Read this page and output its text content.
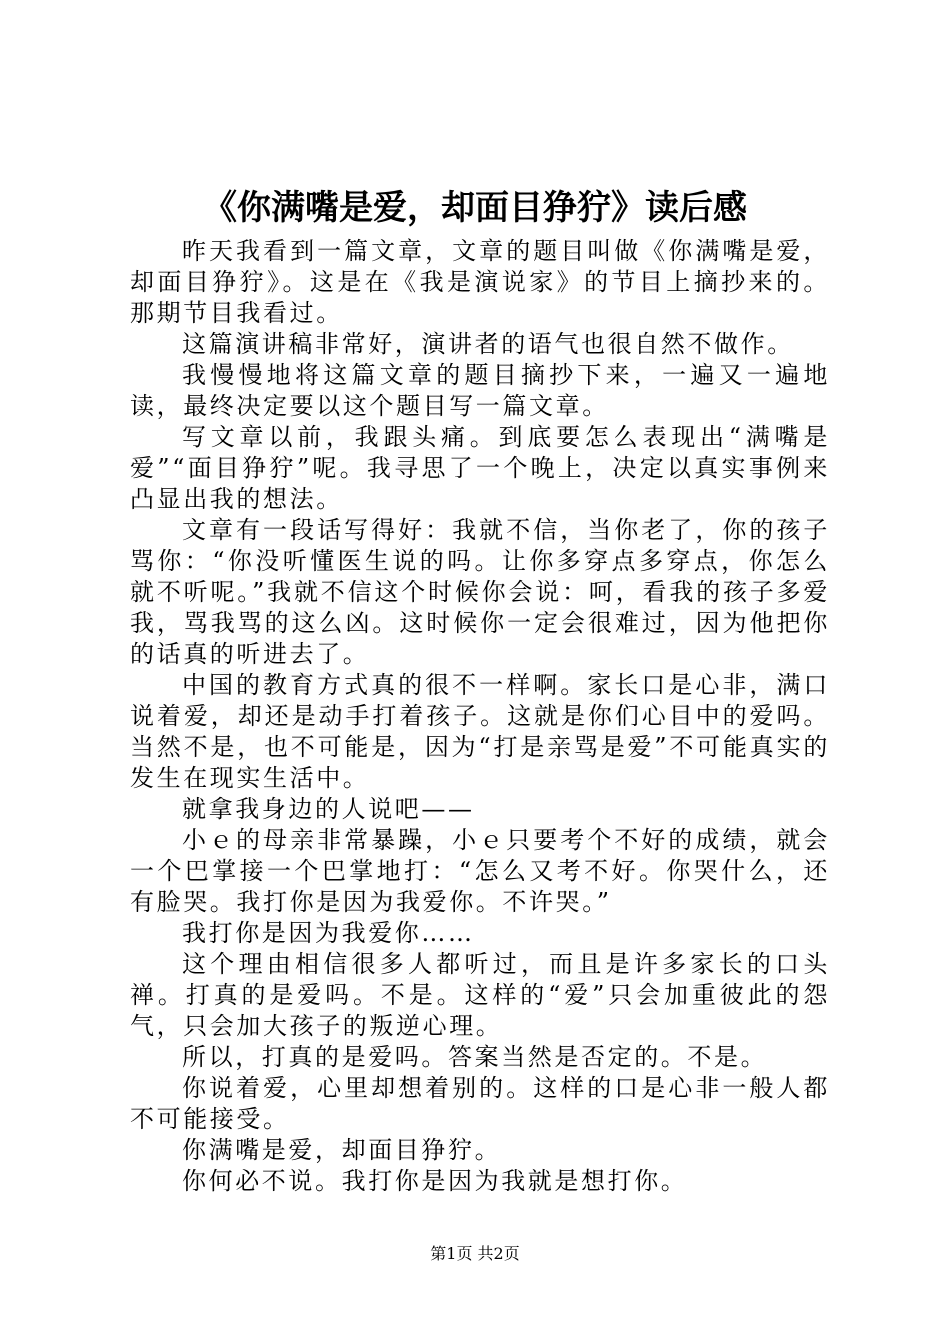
《你满嘴是爱，却面目狰狞》读后感

昨天我看到一篇文章，文章的题目叫做《你满嘴是爱，却面目狰狞》。这是在《我是演说家》的节目上摘抄来的。那期节目我看过。

这篇演讲稿非常好，演讲者的语气也很自然不做作。

我慢慢地将这篇文章的题目摘抄下来，一遍又一遍地读，最终决定要以这个题目写一篇文章。

写文章以前，我跟头痛。到底要怎么表现出“满嘴是爱”“面目狰狞”呢。我寻思了一个晚上，决定以真实事例来凸显出我的想法。

文章有一段话写得好：我就不信，当你老了，你的孩子骂你：“你没听懂医生说的吗。让你多穿点多穿点，你怎么就不听呢。”我就不信这个时候你会说：呵，看我的孩子多爱我，骂我骂的这么凶。这时候你一定会很难过，因为他把你的话真的听进去了。

中国的教育方式真的很不一样啊。家长口是心非，满口说着爱，却还是动手打着孩子。这就是你们心目中的爱吗。当然不是，也不可能是，因为“打是亲骂是爱”不可能真实的发生在现实生活中。

就拿我身边的人说吧——

小ｅ的母亲非常暴躁，小ｅ只要考个不好的成绩，就会一个巴掌接一个巴掌地打：“怎么又考不好。你哭什么，还有脸哭。我打你是因为我爱你。不许哭。”

我打你是因为我爱你……

这个理由相信很多人都听过，而且是许多家长的口头禅。打真的是爱吗。不是。这样的“爱”只会加重彼此的怨气，只会加大孩子的叛逆心理。

所以，打真的是爱吗。答案当然是否定的。不是。

你说着爱，心里却想着别的。这样的口是心非一般人都不可能接受。

你满嘴是爱，却面目狰狞。

你何必不说。我打你是因为我就是想打你。

第1页 共2页
